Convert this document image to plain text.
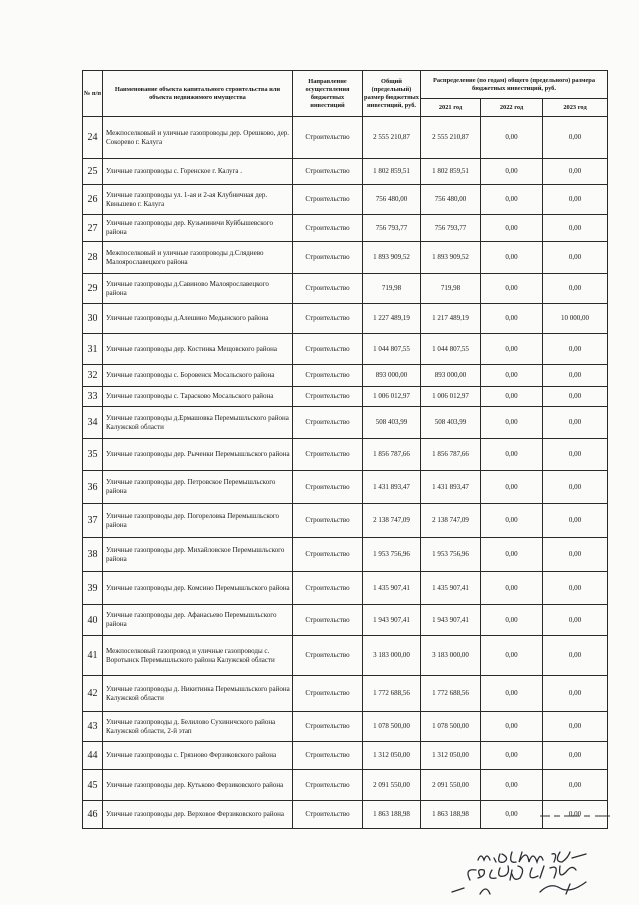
№ п/п	Наименование объекта капитального строительства или объекта недвижимого имущества	Направление осуществления бюджетных инвестиций	Общий (предельный) размер бюджетных инвестиций, руб.	Распределение (по годам) общего (предельного) размера бюджетных инвестиций, руб.		
				2021 год	2022 год	2023 год
24	Межпоселковый и уличные газопроводы дер. Орешково, дер. Сокорево г. Калуга	Строительство	2 555 210,87	2 555 210,87	0,00	0,00
25	Уличные газопроводы с. Горенское г. Калуга .	Строительство	1 802 859,51	1 802 859,51	0,00	0,00
26	Уличные газопроводы ул. 1-ая и 2-ая Клубничная дер. Квньшево г. Калуга	Строительство	756 480,00	756 480,00	0,00	0,00
27	Уличные газопроводы дер. Кузьминичи Куйбышевского района	Строительство	756 793,77	756 793,77	0,00	0,00
28	Межпоселковый и уличные газопроводы д.Слядиево Малоярославецкого района	Строительство	1 893 909,52	1 893 909,52	0,00	0,00
29	Уличные газопроводы д.Савиново Малоярославецкого района	Строительство	719,98	719,98	0,00	0,00
30	Уличные газопроводы д.Алешино Медынского района	Строительство	1 227 489,19	1 217 489,19	0,00	10 000,00
31	Уличные газопроводы дер. Костинка Мещовского района	Строительство	1 044 807,55	1 044 807,55	0,00	0,00
32	Уличные газопроводы с. Боровенск Мосальского района	Строительство	893 000,00	893 000,00	0,00	0,00
33	Уличные газопроводы с. Тарасково Мосальского района	Строительство	1 006 012,97	1 006 012,97	0,00	0,00
34	Уличные газопроводы д.Ермашовка Перемышльского района Калужской области	Строительство	508 403,99	508 403,99	0,00	0,00
35	Уличные газопроводы дер. Рыченки Перемышльского района	Строительство	1 856 787,66	1 856 787,66	0,00	0,00
36	Уличные газопроводы дер. Петровское Перемышльского района	Строительство	1 431 893,47	1 431 893,47	0,00	0,00
37	Уличные газопроводы дер. Погореловка Перемышльского района	Строительство	2 138 747,09	2 138 747,09	0,00	0,00
38	Уличные газопроводы дер. Михайловское Перемышльского района	Строительство	1 953 756,96	1 953 756,96	0,00	0,00
39	Уличные газопроводы дер. Комсино Перемышльского района	Строительство	1 435 907,41	1 435 907,41	0,00	0,00
40	Уличные газопроводы дер. Афанасьево Перемышльского района	Строительство	1 943 907,41	1 943 907,41	0,00	0,00
41	Межпоселковый газопровод и уличные газопроводы с. Воротынск Перемышльского района Калужской области	Строительство	3 183 000,00	3 183 000,00	0,00	0,00
42	Уличные газопроводы д. Никитинка Перемышльского района Калужской области	Строительство	1 772 688,56	1 772 688,56	0,00	0,00
43	Уличные газопроводы д. Белилово Сухиничского района Калужской области, 2-й этап	Строительство	1 078 500,00	1 078 500,00	0,00	0,00
44	Уличные газопроводы с. Грязново Ферзиковского района	Строительство	1 312 050,00	1 312 050,00	0,00	0,00
45	Уличные газопроводы дер. Кутьково Ферзиковского района	Строительство	2 091 550,00	2 091 550,00	0,00	0,00
46	Уличные газопроводы дер. Верховое Ферзиковского района	Строительство	1 863 188,98	1 863 188,98	0,00	0,00
